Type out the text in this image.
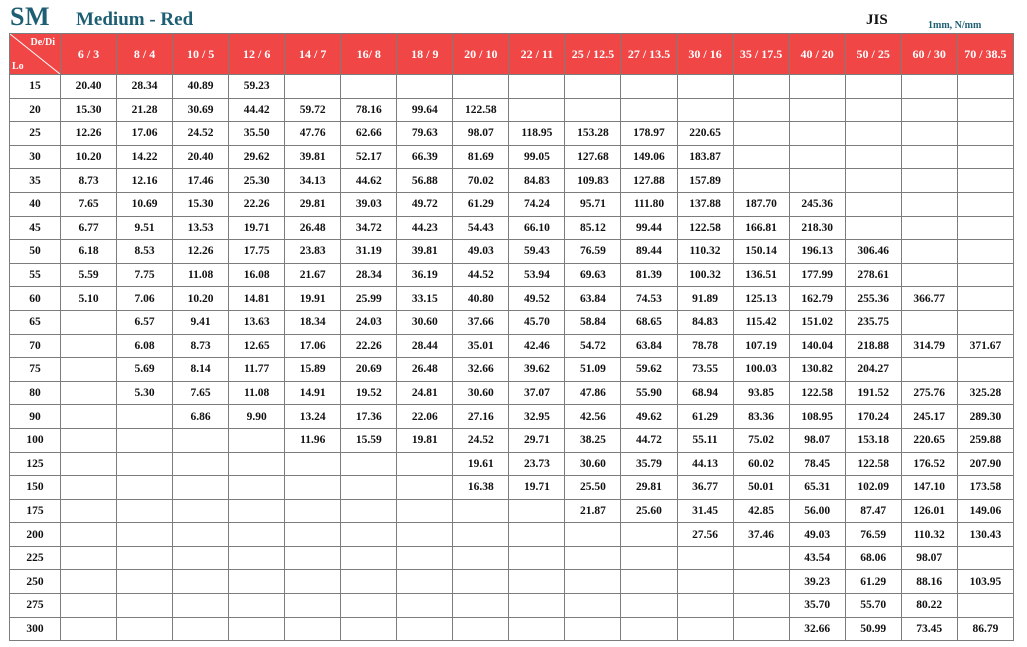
SM Medium - Red	JIS	1mm, N/mm
De/Di
Lo	6 / 3	8 / 4	10 / 5	12 / 6	14 / 7	16/ 8	18 / 9	20 / 10	22 / 11	25 / 12.5	27 / 13.5	30 / 16	35 / 17.5	40 / 20	50 / 25	60 / 30	70 / 38.5
15	20.40	28.34	40.89	59.23													
20	15.30	21.28	30.69	44.42	59.72	78.16	99.64	122.58									
25	12.26	17.06	24.52	35.50	47.76	62.66	79.63	98.07	118.95	153.28	178.97	220.65					
30	10.20	14.22	20.40	29.62	39.81	52.17	66.39	81.69	99.05	127.68	149.06	183.87					
35	8.73	12.16	17.46	25.30	34.13	44.62	56.88	70.02	84.83	109.83	127.88	157.89					
40	7.65	10.69	15.30	22.26	29.81	39.03	49.72	61.29	74.24	95.71	111.80	137.88	187.70	245.36			
45	6.77	9.51	13.53	19.71	26.48	34.72	44.23	54.43	66.10	85.12	99.44	122.58	166.81	218.30			
50	6.18	8.53	12.26	17.75	23.83	31.19	39.81	49.03	59.43	76.59	89.44	110.32	150.14	196.13	306.46		
55	5.59	7.75	11.08	16.08	21.67	28.34	36.19	44.52	53.94	69.63	81.39	100.32	136.51	177.99	278.61		
60	5.10	7.06	10.20	14.81	19.91	25.99	33.15	40.80	49.52	63.84	74.53	91.89	125.13	162.79	255.36	366.77	
65		6.57	9.41	13.63	18.34	24.03	30.60	37.66	45.70	58.84	68.65	84.83	115.42	151.02	235.75		
70		6.08	8.73	12.65	17.06	22.26	28.44	35.01	42.46	54.72	63.84	78.78	107.19	140.04	218.88	314.79	371.67
75		5.69	8.14	11.77	15.89	20.69	26.48	32.66	39.62	51.09	59.62	73.55	100.03	130.82	204.27		
80		5.30	7.65	11.08	14.91	19.52	24.81	30.60	37.07	47.86	55.90	68.94	93.85	122.58	191.52	275.76	325.28
90			6.86	9.90	13.24	17.36	22.06	27.16	32.95	42.56	49.62	61.29	83.36	108.95	170.24	245.17	289.30
100					11.96	15.59	19.81	24.52	29.71	38.25	44.72	55.11	75.02	98.07	153.18	220.65	259.88
125								19.61	23.73	30.60	35.79	44.13	60.02	78.45	122.58	176.52	207.90
150								16.38	19.71	25.50	29.81	36.77	50.01	65.31	102.09	147.10	173.58
175										21.87	25.60	31.45	42.85	56.00	87.47	126.01	149.06
200												27.56	37.46	49.03	76.59	110.32	130.43
225														43.54	68.06	98.07	
250														39.23	61.29	88.16	103.95
275														35.70	55.70	80.22	
300														32.66	50.99	73.45	86.79
